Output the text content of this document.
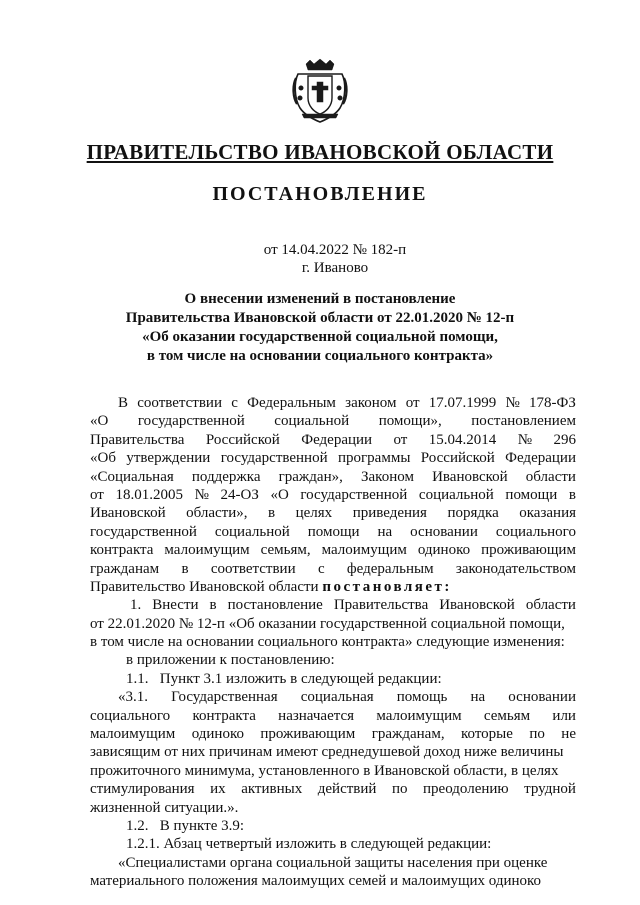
ПРАВИТЕЛЬСТВО ИВАНОВСКОЙ ОБЛАСТИ
ПОСТАНОВЛЕНИЕ
от 14.04.2022 № 182-п
г. Иваново
О внесении изменений в постановление
Правительства Ивановской области от 22.01.2020 № 12-п
«Об оказании государственной социальной помощи,
в том числе на основании социального контракта»
В соответствии с Федеральным законом от 17.07.1999 № 178-ФЗ
«О государственной социальной помощи», постановлением
Правительства Российской Федерации от 15.04.2014 № 296
«Об утверждении государственной программы Российской Федерации
«Социальная поддержка граждан», Законом Ивановской области
от 18.01.2005 № 24-ОЗ «О государственной социальной помощи в
Ивановской области», в целях приведения порядка оказания
государственной социальной помощи на основании социального
контракта малоимущим семьям, малоимущим одиноко проживающим
гражданам в соответствии с федеральным законодательством
Правительство Ивановской области постановляет:
1. Внести в постановление Правительства Ивановской области
от 22.01.2020 № 12-п «Об оказании государственной социальной помощи,
в том числе на основании социального контракта» следующие изменения:
в приложении к постановлению:
1.1.   Пункт 3.1 изложить в следующей редакции:
«3.1. Государственная социальная помощь на основании
социального контракта назначается малоимущим семьям или
малоимущим одиноко проживающим гражданам, которые по не
зависящим от них причинам имеют среднедушевой доход ниже величины
прожиточного минимума, установленного в Ивановской области, в целях
стимулирования их активных действий по преодолению трудной
жизненной ситуации.».
1.2.   В пункте 3.9:
1.2.1. Абзац четвертый изложить в следующей редакции:
«Специалистами органа социальной защиты населения при оценке
материального положения малоимущих семей и малоимущих одиноко
